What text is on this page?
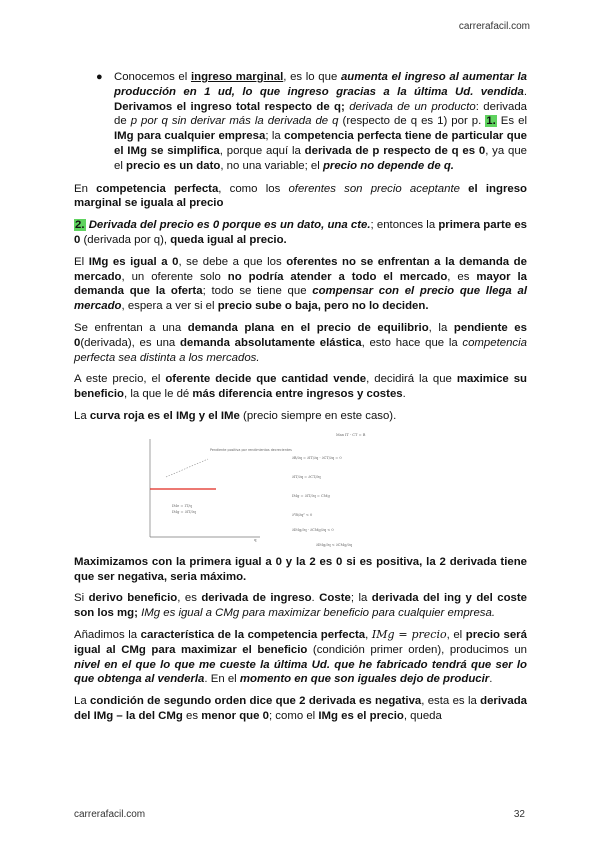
carrerafacil.com
● Conocemos el ingreso marginal, es lo que aumenta el ingreso al aumentar la producción en 1 ud, lo que ingreso gracias a la última Ud. vendida. Derivamos el ingreso total respecto de q; derivada de un producto: derivada de p por q sin derivar más la derivada de q (respecto de q es 1) por p. 1. Es el IMg para cualquier empresa; la competencia perfecta tiene de particular que el IMg se simplifica, porque aquí la derivada de p respecto de q es 0, ya que el precio es un dato, no una variable; el precio no depende de q.

En competencia perfecta, como los oferentes son precio aceptante el ingreso marginal se iguala al precio

2. Derivada del precio es 0 porque es un dato, una cte.; entonces la primera parte es 0 (derivada por q), queda igual al precio.

El IMg es igual a 0, se debe a que los oferentes no se enfrentan a la demanda de mercado, un oferente solo no podría atender a todo el mercado, es mayor la demanda que la oferta; todo se tiene que compensar con el precio que llega al mercado, espera a ver si el precio sube o baja, pero no lo deciden.

Se enfrentan a una demanda plana en el precio de equilibrio, la pendiente es 0(derivada), es una demanda absolutamente elástica, esto hace que la competencia perfecta sea distinta a los mercados.

A este precio, el oferente decide que cantidad vende, decidirá la que maximice su beneficio, la que le dé más diferencia entre ingresos y costes.

La curva roja es el IMg y el IMe (precio siempre en este caso).

Pendiente positiva por rendimientos decrecientes
IMe = IT/q
IMg = ∂IT/∂q
q
Max IT - CT = B
∂B/∂q = ∂IT/∂q - ∂CT/∂q = 0
∂IT/∂q = ∂CT/∂q
IMg = ∂IT/∂q = CMg
∂²B/∂q² < 0
∂IMg/∂q - ∂CMg/∂q < 0
∂IMg/∂q < ∂CMg/∂q

Maximizamos con la primera igual a 0 y la 2 es 0 si es positiva, la 2 derivada tiene que ser negativa, seria máximo.

Si derivo beneficio, es derivada de ingreso. Coste; la derivada del ing y del coste son los mg; IMg es igual a CMg para maximizar beneficio para cualquier empresa.

Añadimos la característica de la competencia perfecta, IMg = precio, el precio será igual al CMg para maximizar el beneficio (condición primer orden), producimos un nivel en el que lo que me cueste la última Ud. que he fabricado tendrá que ser lo que obtenga al venderla. En el momento en que son iguales dejo de producir.

La condición de segundo orden dice que 2 derivada es negativa, esta es la derivada del IMg – la del CMg es menor que 0; como el IMg es el precio, queda

carrerafacil.com	32
